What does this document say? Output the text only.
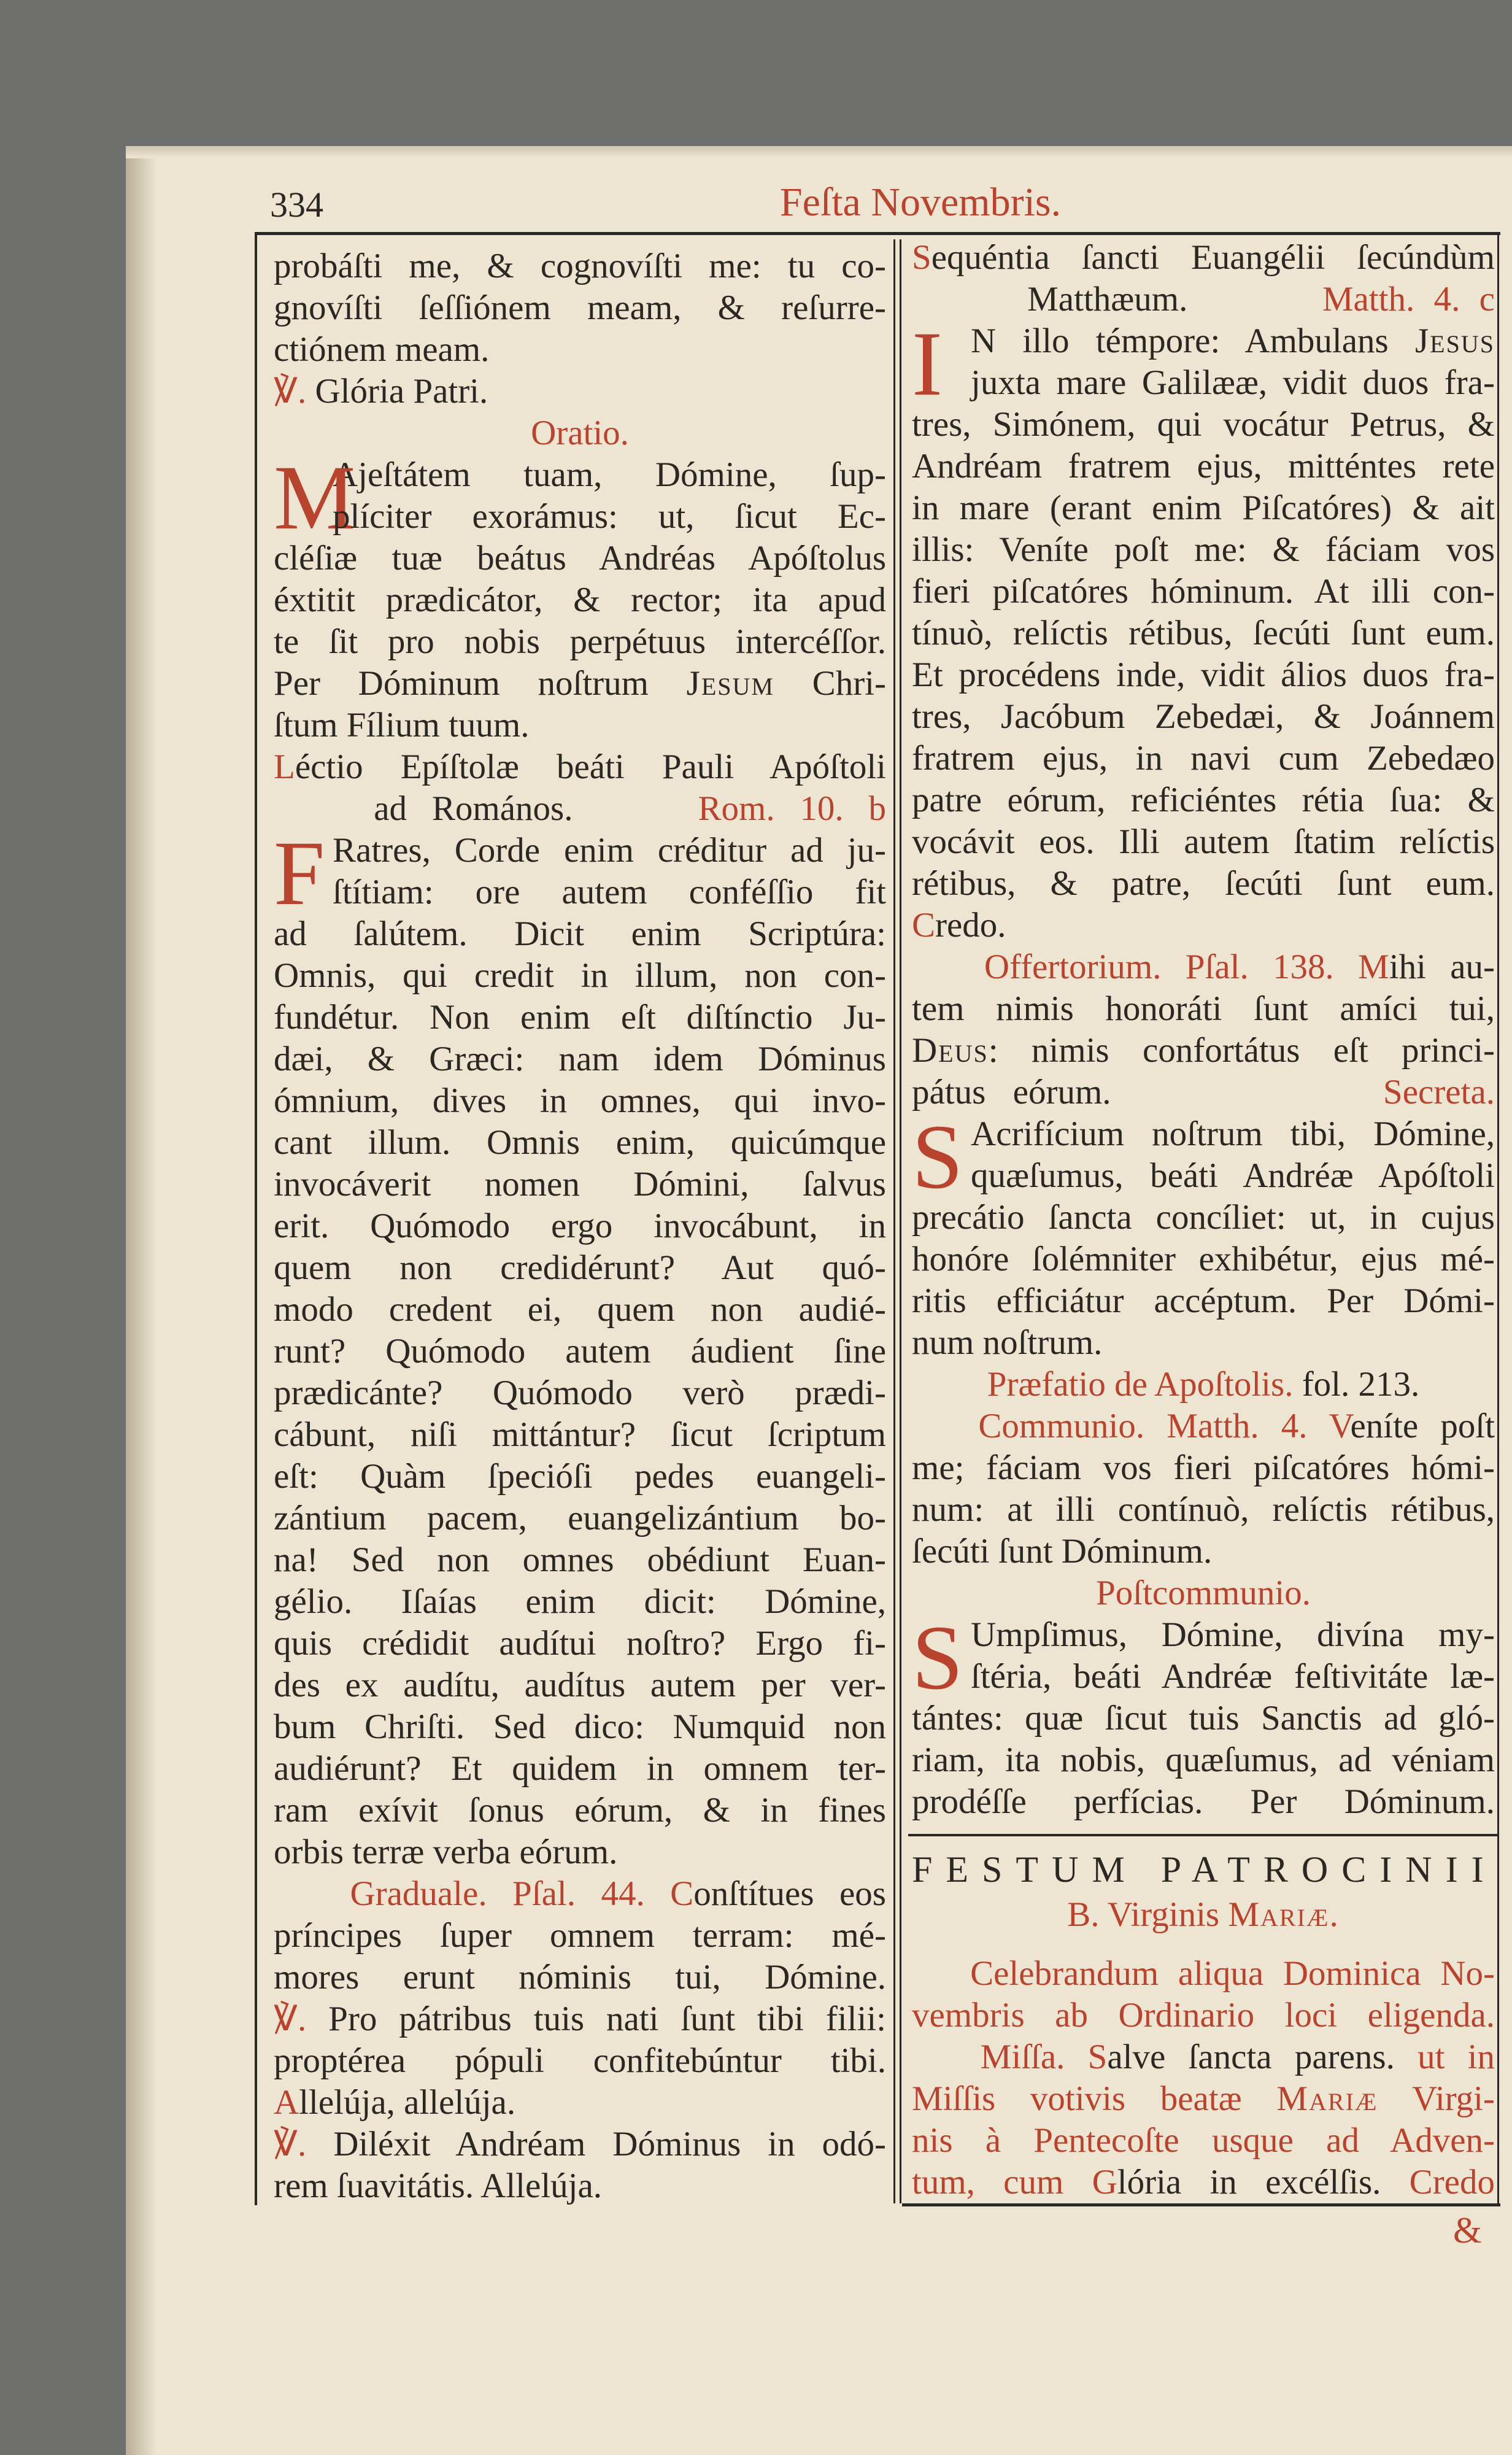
334	Feſta Novembris.
probáſti me, & cognovíſti me: tu co-
gnovíſti ſeſſiónem meam, & reſurre-
ctiónem meam.
℣. Glória Patri.
Oratio.
M
Ajeſtátem tuam, Dómine, ſup-
plíciter exorámus: ut, ſicut Ec-
cléſiæ tuæ beátus Andréas Apóſtolus
éxtitit prædicátor, & rector; ita apud
te ſit pro nobis perpétuus intercéſſor.
Per Dóminum noſtrum Jesum Chri-
ſtum Fílium tuum.
Léctio Epíſtolæ beáti Pauli Apóſtoli
ad Romános.     Rom. 10. b
F Ratres, Corde enim créditur ad ju-
ſtítiam: ore autem conféſſio fit
ad ſalútem. Dicit enim Scriptúra:
Omnis, qui credit in illum, non con-
fundétur. Non enim eſt diſtínctio Ju-
dæi, & Græci: nam idem Dóminus
ómnium, dives in omnes, qui invo-
cant illum. Omnis enim, quicúmque
invocáverit nomen Dómini, ſalvus
erit. Quómodo ergo invocábunt, in
quem non credidérunt? Aut quó-
modo credent ei, quem non audié-
runt? Quómodo autem áudient ſine
prædicánte? Quómodo verò prædi-
cábunt, niſi mittántur? ſicut ſcriptum
eſt: Quàm ſpecióſi pedes euangeli-
zántium pacem, euangelizántium bo-
na! Sed non omnes obédiunt Euan-
gélio. Iſaías enim dicit: Dómine,
quis crédidit audítui noſtro? Ergo fi-
des ex audítu, audítus autem per ver-
bum Chriſti. Sed dico: Numquid non
audiérunt? Et quidem in omnem ter-
ram exívit ſonus eórum, & in fines
orbis terræ verba eórum.
Graduale. Pſal. 44. Conſtítues eos
príncipes ſuper omnem terram: mé-
mores erunt nóminis tui, Dómine.
℣. Pro pátribus tuis nati ſunt tibi filii:
proptérea pópuli confitebúntur tibi.
Allelúja, allelúja.
℣. Diléxit Andréam Dóminus in odó-
rem ſuavitátis. Allelúja.
Sequéntia ſancti Euangélii ſecúndùm
Matthæum.       Matth. 4. c
I N illo témpore: Ambulans Jesus
juxta mare Galilææ, vidit duos fra-
tres, Simónem, qui vocátur Petrus, &
Andréam fratrem ejus, mitténtes rete
in mare (erant enim Piſcatóres) & ait
illis: Veníte poſt me: & fáciam vos
fieri piſcatóres hóminum. At illi con-
tínuò, relíctis rétibus, ſecúti ſunt eum.
Et procédens inde, vidit álios duos fra-
tres, Jacóbum Zebedæi, & Joánnem
fratrem ejus, in navi cum Zebedæo
patre eórum, reficiéntes rétia ſua: &
vocávit eos. Illi autem ſtatim relíctis
rétibus, & patre, ſecúti ſunt eum.
Credo.
Offertorium. Pſal. 138. Mihi au-
tem nimis honoráti ſunt amíci tui,
Deus: nimis confortátus eſt princi-
pátus eórum.          Secreta.
S Acrifícium noſtrum tibi, Dómine,
quæſumus, beáti Andréæ Apóſtoli
precátio ſancta concíliet: ut, in cujus
honóre ſolémniter exhibétur, ejus mé-
ritis efficiátur accéptum. Per Dómi-
num noſtrum.
Præfatio de Apoſtolis. fol. 213.
Communio. Matth. 4. Veníte poſt
me; fáciam vos fieri piſcatóres hómi-
num: at illi contínuò, relíctis rétibus,
ſecúti ſunt Dóminum.
Poſtcommunio.
S Umpſimus, Dómine, divína my-
ſtéria, beáti Andréæ feſtivitáte læ-
tántes: quæ ſicut tuis Sanctis ad gló-
riam, ita nobis, quæſumus, ad véniam
prodéſſe perfícias. Per Dóminum.
FESTUM PATROCINII
B. Virginis Mariæ.
Celebrandum aliqua Dominica No-
vembris ab Ordinario loci eligenda.
Miſſa. Salve ſancta parens. ut in
Miſſis votivis beatæ Mariæ Virgi-
nis à Pentecoſte usque ad Adven-
tum, cum Glória in excélſis. Credo
&
